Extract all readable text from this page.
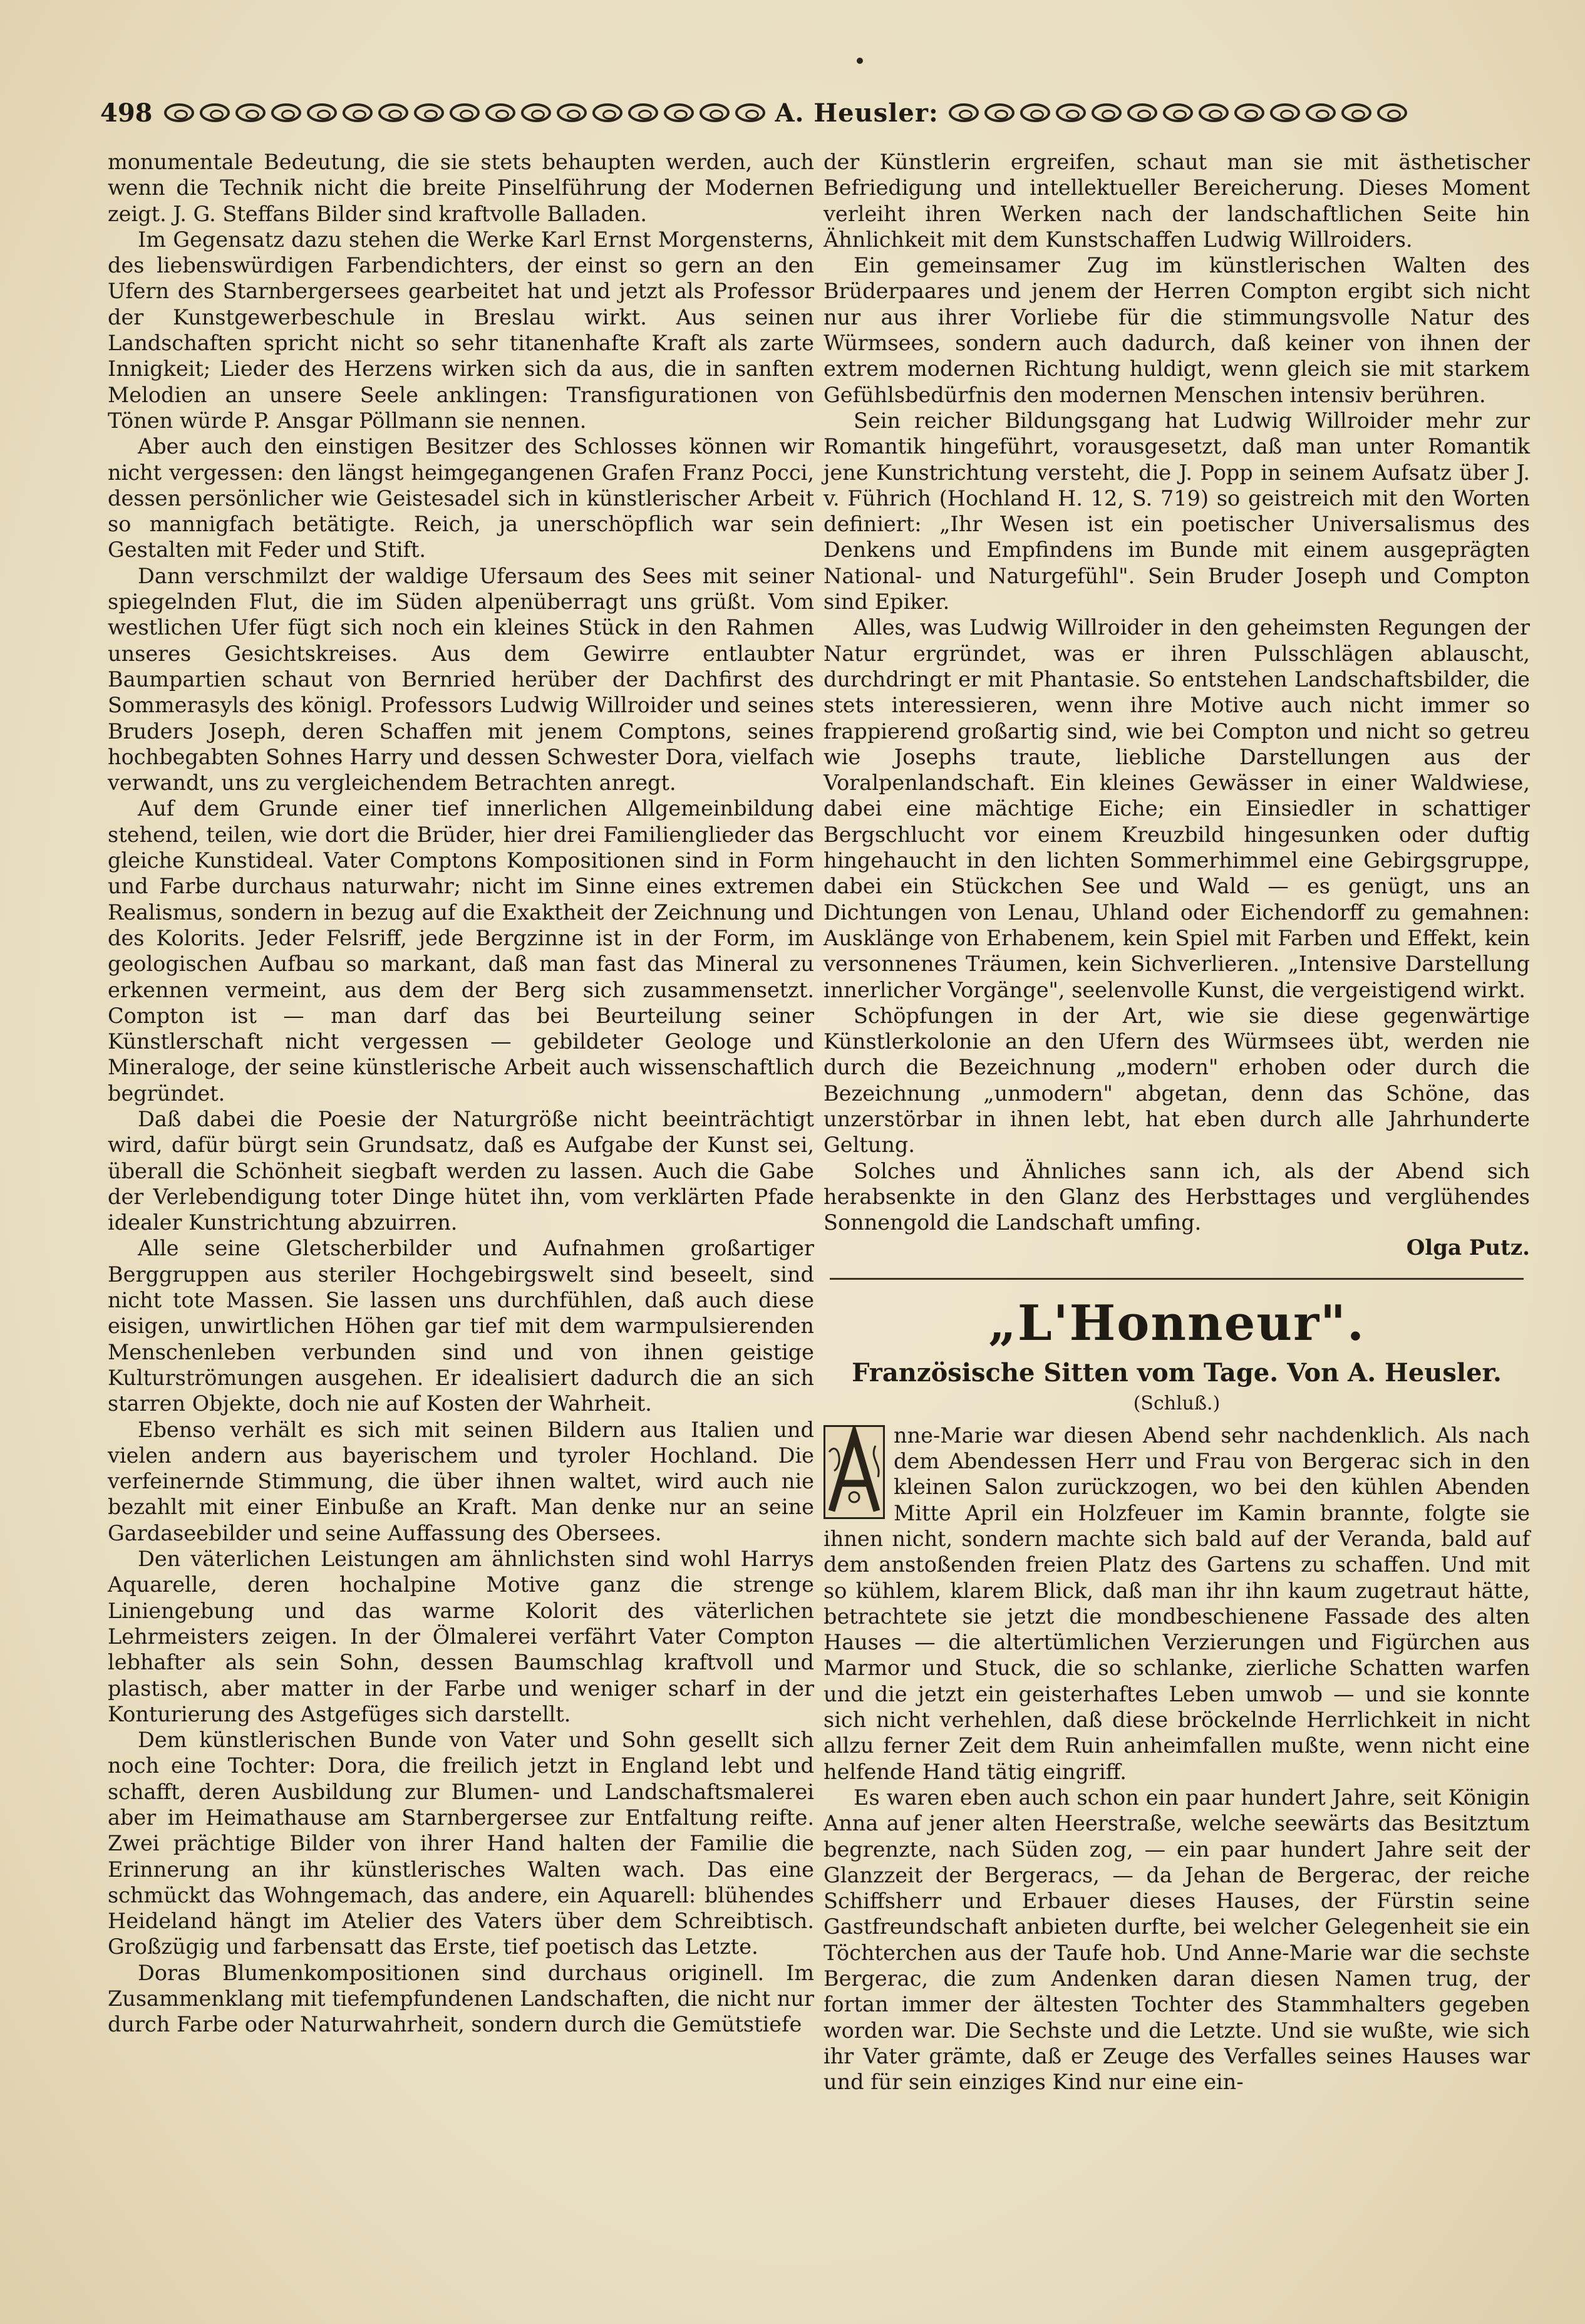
498	A. Heusler:

monumentale Bedeutung, die sie stets behaupten werden, auch wenn die Technik nicht die breite Pinselführung der Modernen zeigt. J. G. Steffans Bilder sind kraftvolle Balladen.

Im Gegensatz dazu stehen die Werke Karl Ernst Morgensterns, des liebenswürdigen Farbendichters, der einst so gern an den Ufern des Starnbergersees gearbeitet hat und jetzt als Professor der Kunstgewerbeschule in Breslau wirkt. Aus seinen Landschaften spricht nicht so sehr titanenhafte Kraft als zarte Innigkeit; Lieder des Herzens wirken sich da aus, die in sanften Melodien an unsere Seele anklingen: Transfigurationen von Tönen würde P. Ansgar Pöllmann sie nennen.

Aber auch den einstigen Besitzer des Schlosses können wir nicht vergessen: den längst heimgegangenen Grafen Franz Pocci, dessen persönlicher wie Geistesadel sich in künstlerischer Arbeit so mannigfach betätigte. Reich, ja unerschöpflich war sein Gestalten mit Feder und Stift.

Dann verschmilzt der waldige Ufersaum des Sees mit seiner spiegelnden Flut, die im Süden alpenüberragt uns grüßt. Vom westlichen Ufer fügt sich noch ein kleines Stück in den Rahmen unseres Gesichtskreises. Aus dem Gewirre entlaubter Baumpartien schaut von Bernried herüber der Dachfirst des Sommerasyls des königl. Professors Ludwig Willroider und seines Bruders Joseph, deren Schaffen mit jenem Comptons, seines hochbegabten Sohnes Harry und dessen Schwester Dora, vielfach verwandt, uns zu vergleichendem Betrachten anregt.

Auf dem Grunde einer tief innerlichen Allgemeinbildung stehend, teilen, wie dort die Brüder, hier drei Familienglieder das gleiche Kunstideal. Vater Comptons Kompositionen sind in Form und Farbe durchaus naturwahr; nicht im Sinne eines extremen Realismus, sondern in bezug auf die Exaktheit der Zeichnung und des Kolorits. Jeder Felsriff, jede Bergzinne ist in der Form, im geologischen Aufbau so markant, daß man fast das Mineral zu erkennen vermeint, aus dem der Berg sich zusammensetzt. Compton ist — man darf das bei Beurteilung seiner Künstlerschaft nicht vergessen — gebildeter Geologe und Mineraloge, der seine künstlerische Arbeit auch wissenschaftlich begründet.

Daß dabei die Poesie der Naturgröße nicht beeinträchtigt wird, dafür bürgt sein Grundsatz, daß es Aufgabe der Kunst sei, überall die Schönheit siegbaft werden zu lassen. Auch die Gabe der Verlebendigung toter Dinge hütet ihn, vom verklärten Pfade idealer Kunstrichtung abzuirren.

Alle seine Gletscherbilder und Aufnahmen großartiger Berggruppen aus steriler Hochgebirgswelt sind beseelt, sind nicht tote Massen. Sie lassen uns durchfühlen, daß auch diese eisigen, unwirtlichen Höhen gar tief mit dem warmpulsierenden Menschenleben verbunden sind und von ihnen geistige Kulturströmungen ausgehen. Er idealisiert dadurch die an sich starren Objekte, doch nie auf Kosten der Wahrheit.

Ebenso verhält es sich mit seinen Bildern aus Italien und vielen andern aus bayerischem und tyroler Hochland. Die verfeinernde Stimmung, die über ihnen waltet, wird auch nie bezahlt mit einer Einbuße an Kraft. Man denke nur an seine Gardaseebilder und seine Auffassung des Obersees.

Den väterlichen Leistungen am ähnlichsten sind wohl Harrys Aquarelle, deren hochalpine Motive ganz die strenge Liniengebung und das warme Kolorit des väterlichen Lehrmeisters zeigen. In der Ölmalerei verfährt Vater Compton lebhafter als sein Sohn, dessen Baumschlag kraftvoll und plastisch, aber matter in der Farbe und weniger scharf in der Konturierung des Astgefüges sich darstellt.

Dem künstlerischen Bunde von Vater und Sohn gesellt sich noch eine Tochter: Dora, die freilich jetzt in England lebt und schafft, deren Ausbildung zur Blumen- und Landschaftsmalerei aber im Heimathause am Starnbergersee zur Entfaltung reifte. Zwei prächtige Bilder von ihrer Hand halten der Familie die Erinnerung an ihr künstlerisches Walten wach. Das eine schmückt das Wohngemach, das andere, ein Aquarell: blühendes Heideland hängt im Atelier des Vaters über dem Schreibtisch. Großzügig und farbensatt das Erste, tief poetisch das Letzte.

Doras Blumenkompositionen sind durchaus originell. Im Zusammenklang mit tiefempfundenen Landschaften, die nicht nur durch Farbe oder Naturwahrheit, sondern durch die Gemütstiefe

der Künstlerin ergreifen, schaut man sie mit ästhetischer Befriedigung und intellektueller Bereicherung. Dieses Moment verleiht ihren Werken nach der landschaftlichen Seite hin Ähnlichkeit mit dem Kunstschaffen Ludwig Willroiders.

Ein gemeinsamer Zug im künstlerischen Walten des Brüderpaares und jenem der Herren Compton ergibt sich nicht nur aus ihrer Vorliebe für die stimmungsvolle Natur des Würmsees, sondern auch dadurch, daß keiner von ihnen der extrem modernen Richtung huldigt, wenn gleich sie mit starkem Gefühlsbedürfnis den modernen Menschen intensiv berühren.

Sein reicher Bildungsgang hat Ludwig Willroider mehr zur Romantik hingeführt, vorausgesetzt, daß man unter Romantik jene Kunstrichtung versteht, die J. Popp in seinem Aufsatz über J. v. Führich (Hochland H. 12, S. 719) so geistreich mit den Worten definiert: „Ihr Wesen ist ein poetischer Universalismus des Denkens und Empfindens im Bunde mit einem ausgeprägten National- und Naturgefühl". Sein Bruder Joseph und Compton sind Epiker.

Alles, was Ludwig Willroider in den geheimsten Regungen der Natur ergründet, was er ihren Pulsschlägen ablauscht, durchdringt er mit Phantasie. So entstehen Landschaftsbilder, die stets interessieren, wenn ihre Motive auch nicht immer so frappierend großartig sind, wie bei Compton und nicht so getreu wie Josephs traute, liebliche Darstellungen aus der Voralpenlandschaft. Ein kleines Gewässer in einer Waldwiese, dabei eine mächtige Eiche; ein Einsiedler in schattiger Bergschlucht vor einem Kreuzbild hingesunken oder duftig hingehaucht in den lichten Sommerhimmel eine Gebirgsgruppe, dabei ein Stückchen See und Wald — es genügt, uns an Dichtungen von Lenau, Uhland oder Eichendorff zu gemahnen: Ausklänge von Erhabenem, kein Spiel mit Farben und Effekt, kein versonnenes Träumen, kein Sichverlieren. „Intensive Darstellung innerlicher Vorgänge", seelenvolle Kunst, die vergeistigend wirkt.

Schöpfungen in der Art, wie sie diese gegenwärtige Künstlerkolonie an den Ufern des Würmsees übt, werden nie durch die Bezeichnung „modern" erhoben oder durch die Bezeichnung „unmodern" abgetan, denn das Schöne, das unzerstörbar in ihnen lebt, hat eben durch alle Jahrhunderte Geltung.

Solches und Ähnliches sann ich, als der Abend sich herabsenkte in den Glanz des Herbsttages und verglühendes Sonnengold die Landschaft umfing.

Olga Putz.
„L'Honneur".
Französische Sitten vom Tage. Von A. Heusler.
(Schluß.)

nne-Marie war diesen Abend sehr nachdenklich. Als nach dem Abendessen Herr und Frau von Bergerac sich in den kleinen Salon zurückzogen, wo bei den kühlen Abenden Mitte April ein Holzfeuer im Kamin brannte, folgte sie ihnen nicht, sondern machte sich bald auf der Veranda, bald auf dem anstoßenden freien Platz des Gartens zu schaffen. Und mit so kühlem, klarem Blick, daß man ihr ihn kaum zugetraut hätte, betrachtete sie jetzt die mondbeschienene Fassade des alten Hauses — die altertümlichen Verzierungen und Figürchen aus Marmor und Stuck, die so schlanke, zierliche Schatten warfen und die jetzt ein geisterhaftes Leben umwob — und sie konnte sich nicht verhehlen, daß diese bröckelnde Herrlichkeit in nicht allzu ferner Zeit dem Ruin anheimfallen mußte, wenn nicht eine helfende Hand tätig eingriff.

Es waren eben auch schon ein paar hundert Jahre, seit Königin Anna auf jener alten Heerstraße, welche seewärts das Besitztum begrenzte, nach Süden zog, — ein paar hundert Jahre seit der Glanzzeit der Bergeracs, — da Jehan de Bergerac, der reiche Schiffsherr und Erbauer dieses Hauses, der Fürstin seine Gastfreundschaft anbieten durfte, bei welcher Gelegenheit sie ein Töchterchen aus der Taufe hob. Und Anne-Marie war die sechste Bergerac, die zum Andenken daran diesen Namen trug, der fortan immer der ältesten Tochter des Stammhalters gegeben worden war. Die Sechste und die Letzte. Und sie wußte, wie sich ihr Vater grämte, daß er Zeuge des Verfalles seines Hauses war und für sein einziges Kind nur eine ein-
